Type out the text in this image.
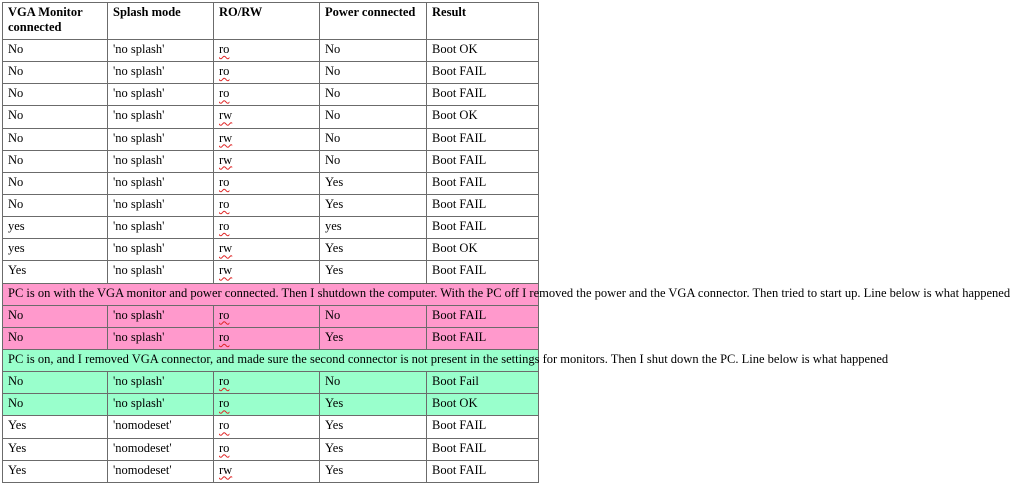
VGA Monitor connected	Splash mode	RO/RW	Power connected	Result
No	'no splash'	ro	No	Boot OK
No	'no splash'	ro	No	Boot FAIL
No	'no splash'	ro	No	Boot FAIL
No	'no splash'	rw	No	Boot OK
No	'no splash'	rw	No	Boot FAIL
No	'no splash'	rw	No	Boot FAIL
No	'no splash'	ro	Yes	Boot FAIL
No	'no splash'	ro	Yes	Boot FAIL
yes	'no splash'	ro	yes	Boot FAIL
yes	'no splash'	rw	Yes	Boot OK
Yes	'no splash'	rw	Yes	Boot FAIL
PC is on with the VGA monitor and power connected. Then I shutdown the computer. With the PC off I removed the power and the VGA connector. Then tried to start up. Line below is what happened				
No	'no splash'	ro	No	Boot FAIL
No	'no splash'	ro	Yes	Boot FAIL
PC is on, and I removed VGA connector, and made sure the second connector is not present in the settings for monitors. Then I shut down the PC. Line below is what happened				
No	'no splash'	ro	No	Boot Fail
No	'no splash'	ro	Yes	Boot OK
Yes	'nomodeset'	ro	Yes	Boot FAIL
Yes	'nomodeset'	ro	Yes	Boot FAIL
Yes	'nomodeset'	rw	Yes	Boot FAIL
